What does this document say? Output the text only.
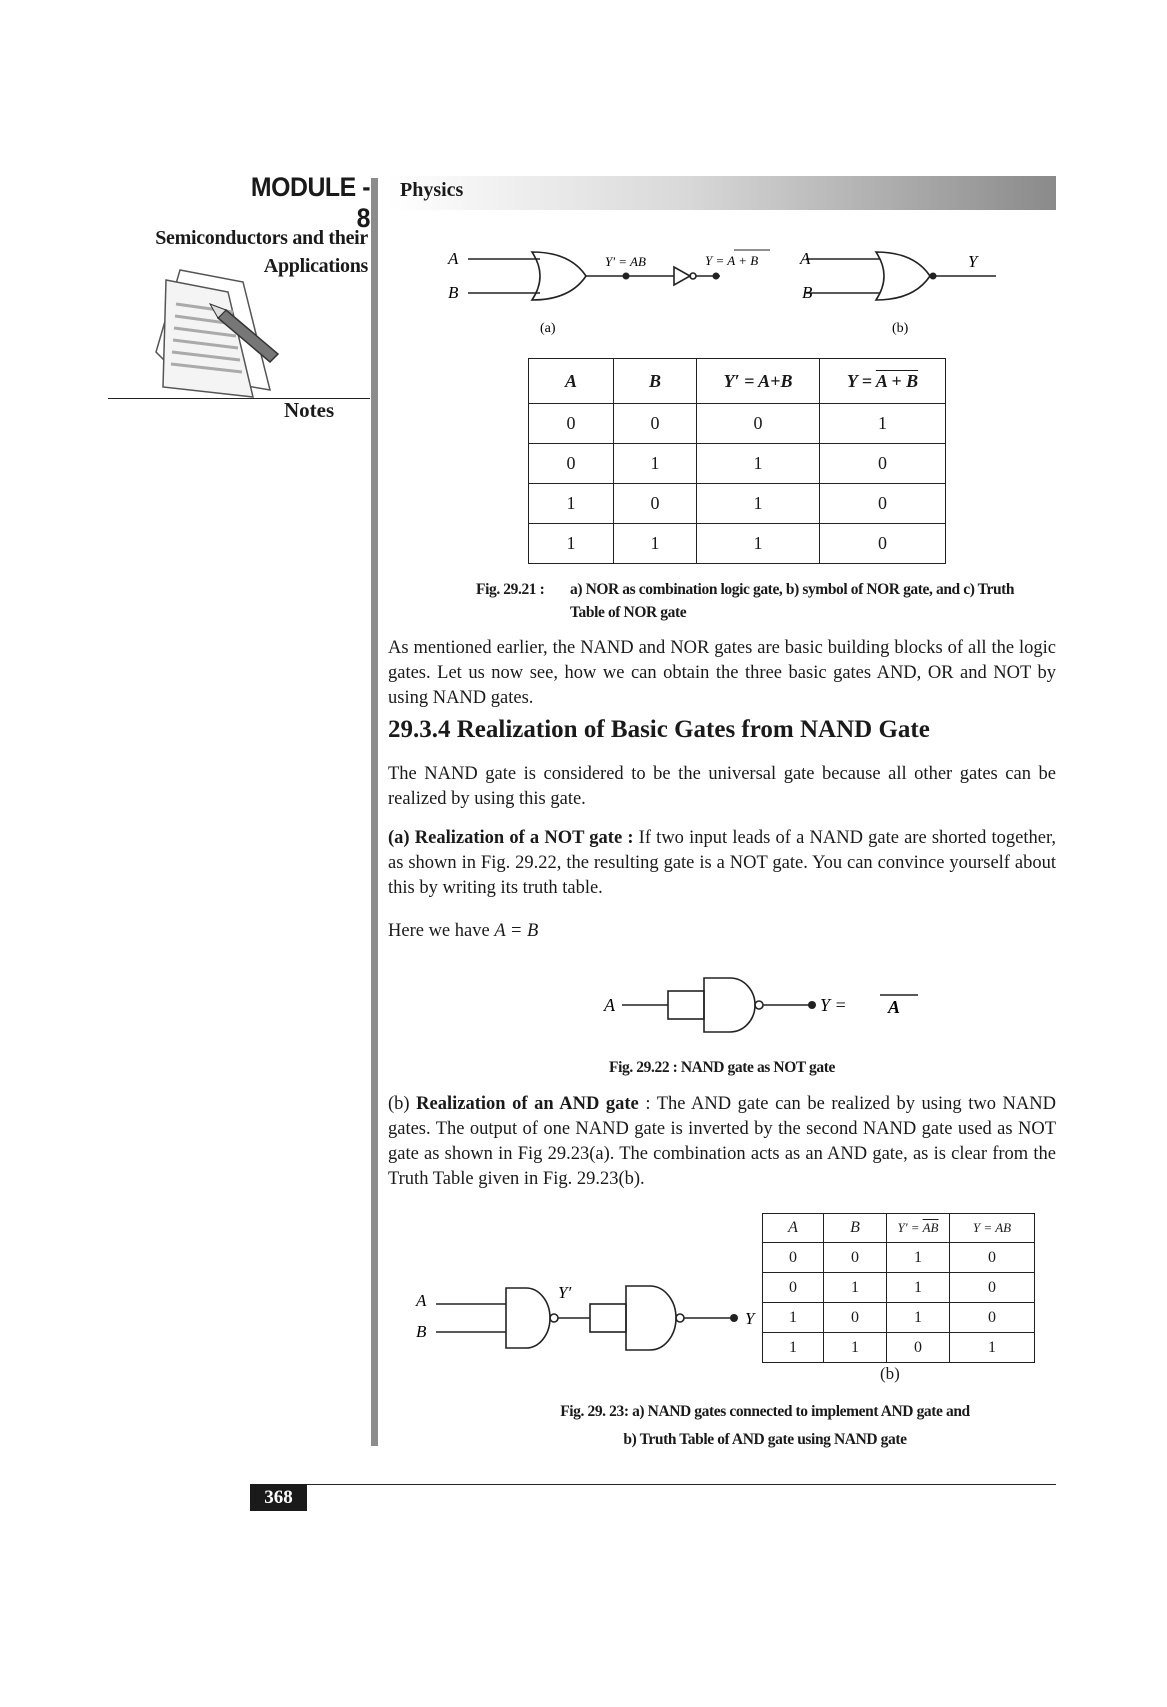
MODULE - 8
Semiconductors and their
Applications
Notes
Physics
A
B
Y' = AB	Y = A + B
(a)
A
B
Y
(b)
A	B	Y′ = A+B	Y = A + B
0	0	0	1
0	1	1	0
1	0	1	0
1	1	1	0
Fig. 29.21 : a) NOR as combination logic gate, b) symbol of NOR gate, and c) Truth
Table of NOR gate
As mentioned earlier, the NAND and NOR gates are basic building blocks of all the logic gates. Let us now see, how we can obtain the three basic gates AND, OR and NOT by using NAND gates.
29.3.4 Realization of Basic Gates from NAND Gate
The NAND gate is considered to be the universal gate because all other gates can be realized by using this gate.
(a) Realization of a NOT gate : If two input leads of a NAND gate are shorted together, as shown in Fig. 29.22, the resulting gate is a NOT gate. You can convince yourself about this by writing its truth table.
Here we have A = B
A	Y = A
Fig. 29.22 : NAND gate as NOT gate
(b) Realization of an AND gate : The AND gate can be realized by using two NAND gates. The output of one NAND gate is inverted by the second NAND gate used as NOT gate as shown in Fig 29.23(a). The combination acts as an AND gate, as is clear from the Truth Table given in Fig. 29.23(b).
A
B
Y′
Y
A	B	$Y' = \overline{AB}$	Y = AB
0	0	1	0
0	1	1	0
1	0	1	0
1	1	0	1
(b)
Fig. 29. 23: a) NAND gates connected to implement AND gate and
b) Truth Table of AND gate using NAND gate
368
